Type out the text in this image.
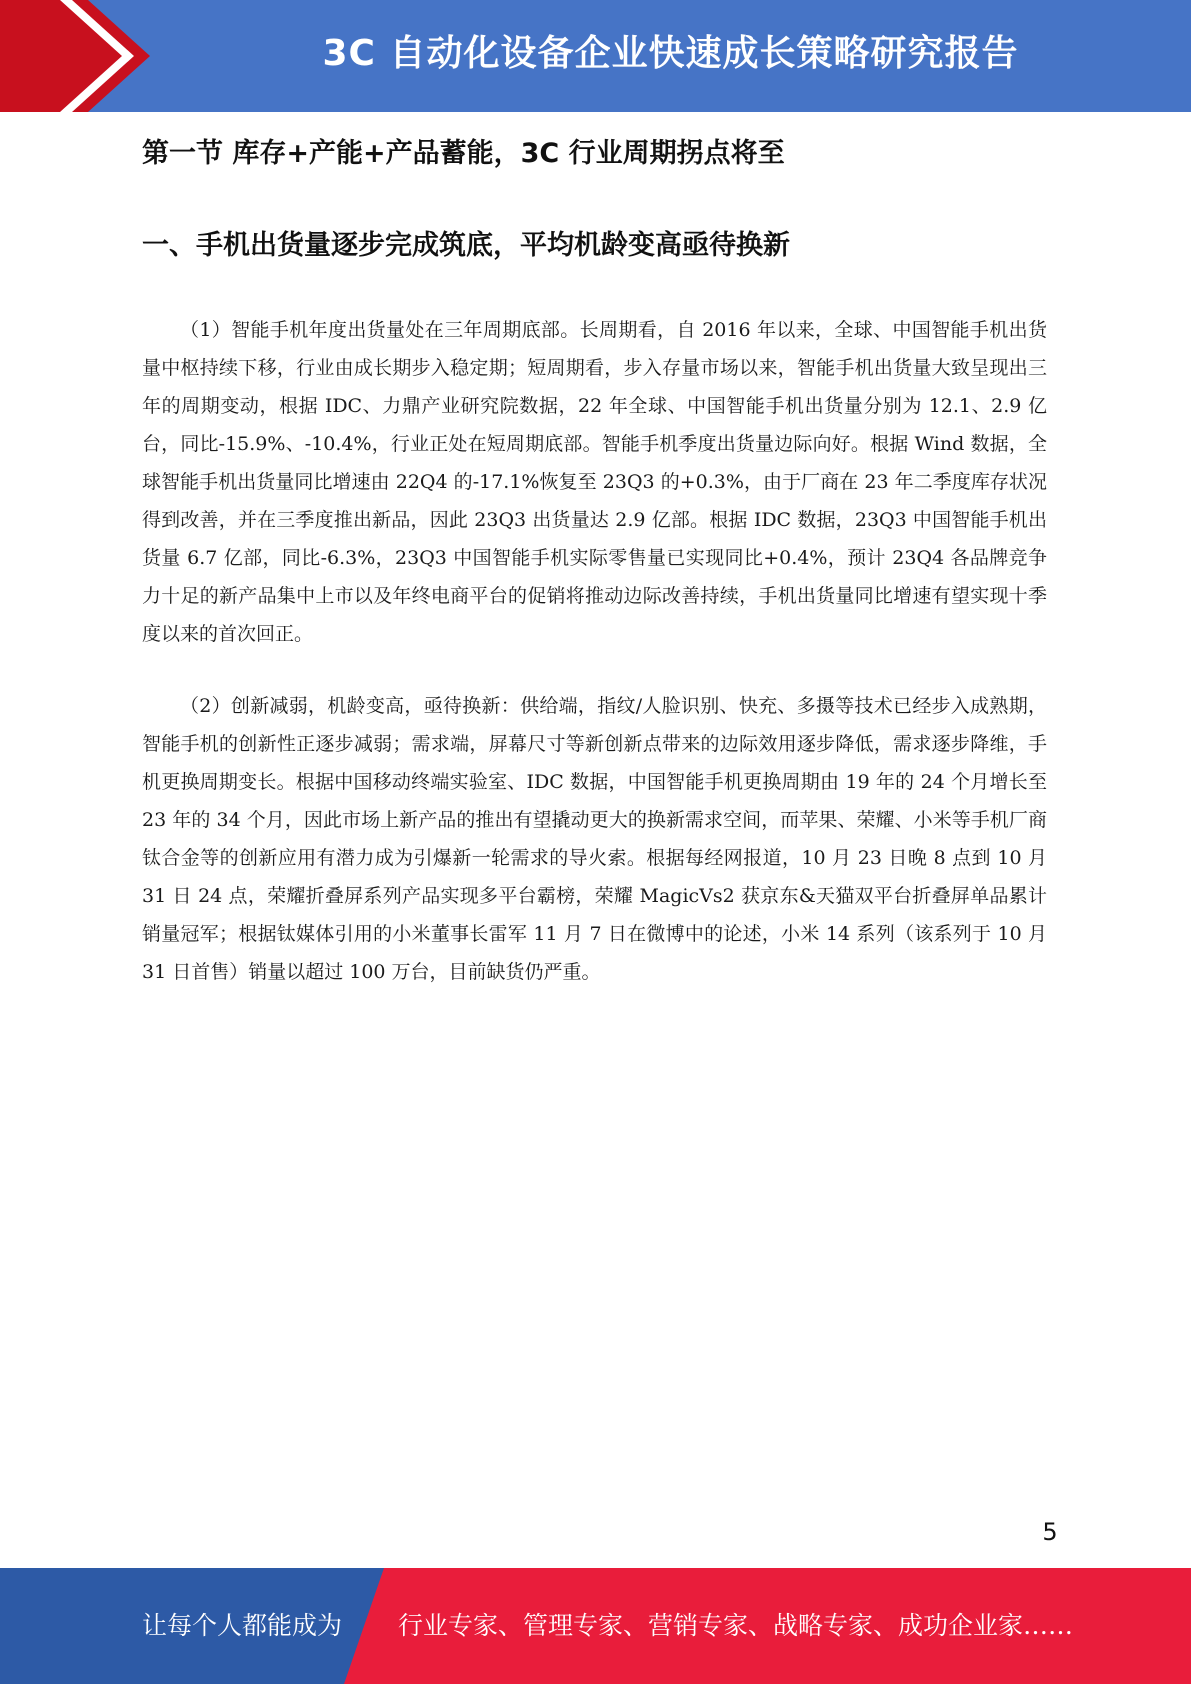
3C 自动化设备企业快速成长策略研究报告
第一节 库存+产能+产品蓄能，3C 行业周期拐点将至
一、手机出货量逐步完成筑底，平均机龄变高亟待换新

（1）智能手机年度出货量处在三年周期底部。长周期看，自 2016 年以来，全球、中国智能手机出货量中枢持续下移，行业由成长期步入稳定期；短周期看，步入存量市场以来，智能手机出货量大致呈现出三年的周期变动，根据 IDC、力鼎产业研究院数据，22 年全球、中国智能手机出货量分别为 12.1、2.9 亿台，同比-15.9%、-10.4%，行业正处在短周期底部。智能手机季度出货量边际向好。根据 Wind 数据，全球智能手机出货量同比增速由 22Q4 的-17.1%恢复至 23Q3 的+0.3%，由于厂商在 23 年二季度库存状况得到改善，并在三季度推出新品，因此 23Q3 出货量达 2.9 亿部。根据 IDC 数据，23Q3 中国智能手机出货量 6.7 亿部，同比-6.3%，23Q3 中国智能手机实际零售量已实现同比+0.4%，预计 23Q4 各品牌竞争力十足的新产品集中上市以及年终电商平台的促销将推动边际改善持续，手机出货量同比增速有望实现十季度以来的首次回正。

（2）创新减弱，机龄变高，亟待换新：供给端，指纹/人脸识别、快充、多摄等技术已经步入成熟期，智能手机的创新性正逐步减弱；需求端，屏幕尺寸等新创新点带来的边际效用逐步降低，需求逐步降维，手机更换周期变长。根据中国移动终端实验室、IDC 数据，中国智能手机更换周期由 19 年的 24 个月增长至 23 年的 34 个月，因此市场上新产品的推出有望撬动更大的换新需求空间，而苹果、荣耀、小米等手机厂商钛合金等的创新应用有潜力成为引爆新一轮需求的导火索。根据每经网报道，10 月 23 日晚 8 点到 10 月 31 日 24 点，荣耀折叠屏系列产品实现多平台霸榜，荣耀 MagicVs2 获京东&天猫双平台折叠屏单品累计销量冠军；根据钛媒体引用的小米董事长雷军 11 月 7 日在微博中的论述，小米 14 系列（该系列于 10 月 31 日首售）销量以超过 100 万台，目前缺货仍严重。

5
让每个人都能成为 行业专家、管理专家、营销专家、战略专家、成功企业家……
